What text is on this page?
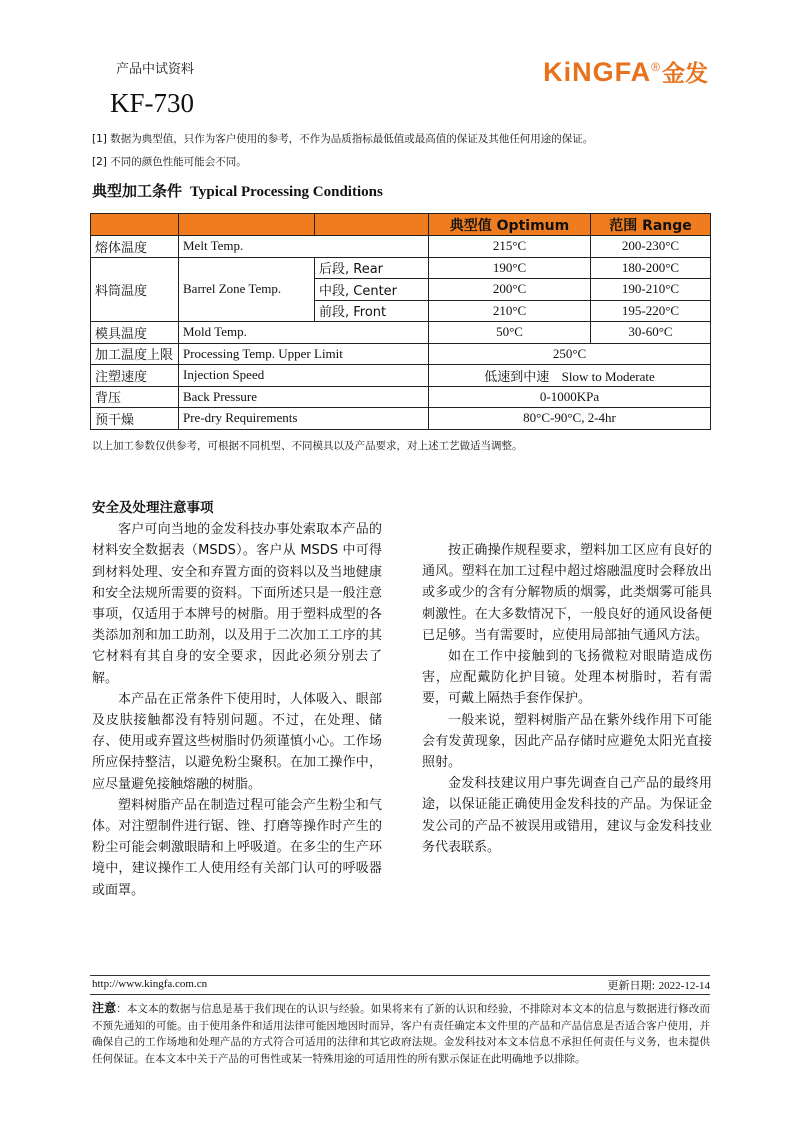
产品中试资料	KiNGFA ® 金发
KF-730
[1] 数据为典型值，只作为客户使用的参考，不作为品质指标最低值或最高值的保证及其他任何用途的保证。
[2] 不同的颜色性能可能会不同。
典型加工条件 Typical Processing Conditions
			典型值 Optimum	范围 Range
熔体温度	Melt Temp.		215°C	200-230°C
料筒温度	Barrel Zone Temp.	后段, Rear	190°C	180-200°C
		中段, Center	200°C	190-210°C
		前段, Front	210°C	195-220°C
模具温度	Mold Temp.		50°C	30-60°C
加工温度上限	Processing Temp. Upper Limit		250°C	
注塑速度	Injection Speed		低速到中速 Slow to Moderate	
背压	Back Pressure		0-1000KPa	
预干燥	Pre-dry Requirements		80°C-90°C, 2-4hr	
以上加工参数仅供参考，可根据不同机型、不同模具以及产品要求，对上述工艺做适当调整。
安全及处理注意事项

客户可向当地的金发科技办事处索取本产品的材料安全数据表（MSDS）。客户从 MSDS 中可得到材料处理、安全和弃置方面的资料以及当地健康和安全法规所需要的资料。下面所述只是一般注意事项，仅适用于本牌号的树脂。用于塑料成型的各类添加剂和加工助剂，以及用于二次加工工序的其它材料有其自身的安全要求，因此必须分别去了解。

本产品在正常条件下使用时，人体吸入、眼部及皮肤接触都没有特别问题。不过，在处理、储存、使用或弃置这些树脂时仍须谨慎小心。工作场所应保持整洁，以避免粉尘聚积。在加工操作中，应尽量避免接触熔融的树脂。

塑料树脂产品在制造过程可能会产生粉尘和气体。对注塑制件进行锯、锉、打磨等操作时产生的粉尘可能会刺激眼睛和上呼吸道。在多尘的生产环境中，建议操作工人使用经有关部门认可的呼吸器或面罩。

按正确操作规程要求，塑料加工区应有良好的通风。塑料在加工过程中超过熔融温度时会释放出或多或少的含有分解物质的烟雾，此类烟雾可能具刺激性。在大多数情况下，一般良好的通风设备便已足够。当有需要时，应使用局部抽气通风方法。

如在工作中接触到的飞扬微粒对眼睛造成伤害，应配戴防化护目镜。处理本树脂时，若有需要，可戴上隔热手套作保护。

一般来说，塑料树脂产品在紫外线作用下可能会有发黄现象，因此产品存储时应避免太阳光直接照射。

金发科技建议用户事先调查自己产品的最终用途，以保证能正确使用金发科技的产品。为保证金发公司的产品不被误用或错用，建议与金发科技业务代表联系。

http://www.kingfa.com.cn	更新日期: 2022-12-14
注意：本文本的数据与信息是基于我们现在的认识与经验。如果将来有了新的认识和经验，不排除对本文本的信息与数据进行修改而不预先通知的可能。由于使用条件和适用法律可能因地因时而异，客户有责任确定本文件里的产品和产品信息是否适合客户使用，并确保自己的工作场地和处理产品的方式符合可适用的法律和其它政府法规。金发科技对本文本信息不承担任何责任与义务，也未提供任何保证。在本文本中关于产品的可售性或某一特殊用途的可适用性的所有默示保证在此明确地予以排除。
